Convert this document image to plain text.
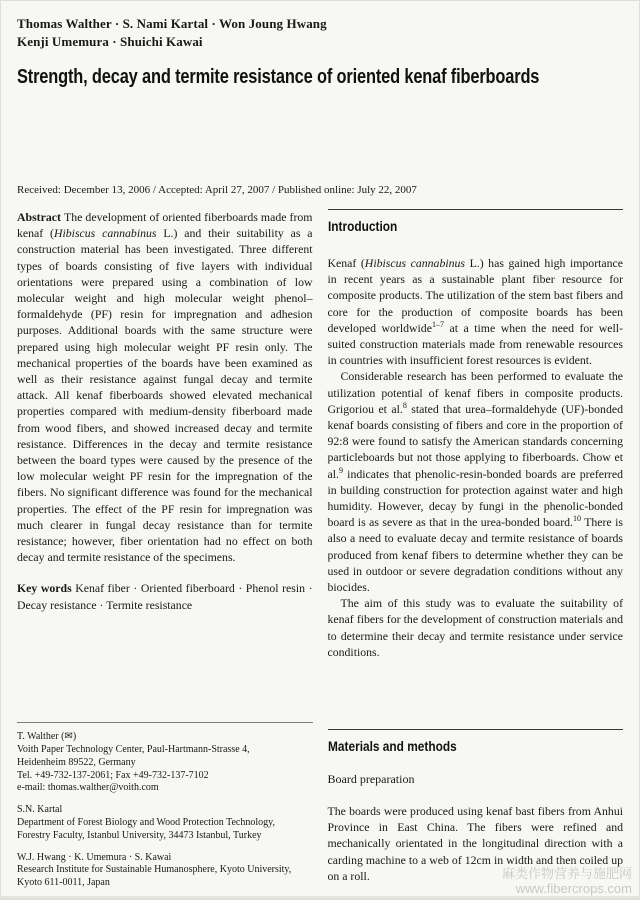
Thomas Walther · S. Nami Kartal · Won Joung Hwang
Kenji Umemura · Shuichi Kawai
Strength, decay and termite resistance of oriented kenaf fiberboards
Received: December 13, 2006 / Accepted: April 27, 2007 / Published online: July 22, 2007

Abstract The development of oriented fiberboards made from kenaf (Hibiscus cannabinus L.) and their suitability as a construction material has been investigated. Three different types of boards consisting of five layers with individual orientations were prepared using a combination of low molecular weight and high molecular weight phenol–formaldehyde (PF) resin for impregnation and adhesion purposes. Additional boards with the same structure were prepared using high molecular weight PF resin only. The mechanical properties of the boards have been examined as well as their resistance against fungal decay and termite attack. All kenaf fiberboards showed elevated mechanical properties compared with medium-density fiberboard made from wood fibers, and showed increased decay and termite resistance. Differences in the decay and termite resistance between the board types were caused by the presence of the low molecular weight PF resin for the impregnation of the fibers. No significant difference was found for the mechanical properties. The effect of the PF resin for impregnation was much clearer in fungal decay resistance than for termite resistance; however, fiber orientation had no effect on both decay and termite resistance of the specimens.

Key words Kenaf fiber · Oriented fiberboard · Phenol resin · Decay resistance · Termite resistance

T. Walther (✉)
Voith Paper Technology Center, Paul-Hartmann-Strasse 4,
Heidenheim 89522, Germany
Tel. +49-732-137-2061; Fax +49-732-137-7102
e-mail: thomas.walther@voith.com
S.N. Kartal
Department of Forest Biology and Wood Protection Technology,
Forestry Faculty, Istanbul University, 34473 Istanbul, Turkey
W.J. Hwang · K. Umemura · S. Kawai
Research Institute for Sustainable Humanosphere, Kyoto University,
Kyoto 611-0011, Japan
Introduction

Kenaf (Hibiscus cannabinus L.) has gained high importance in recent years as a sustainable plant fiber resource for composite products. The utilization of the stem bast fibers and core for the production of composite boards has been developed worldwide$^{1-7}$ at a time when the need for well-suited construction materials made from renewable resources in countries with insufficient forest resources is evident.

Considerable research has been performed to evaluate the utilization potential of kenaf fibers in composite products. Grigoriou et al.$^8$ stated that urea–formaldehyde (UF)-bonded kenaf boards consisting of fibers and core in the proportion of 92:8 were found to satisfy the American standards concerning particleboards but not those applying to fiberboards. Chow et al.$^9$ indicates that phenolic-resin-bonded boards are preferred in building construction for protection against water and high humidity. However, decay by fungi in the phenolic-bonded board is as severe as that in the urea-bonded board.$^{10}$ There is also a need to evaluate decay and termite resistance of boards produced from kenaf fibers to determine whether they can be used in outdoor or severe degradation conditions without any biocides.

The aim of this study was to evaluate the suitability of kenaf fibers for the development of construction materials and to determine their decay and termite resistance under service conditions.

Materials and methods
Board preparation

The boards were produced using kenaf bast fibers from Anhui Province in East China. The fibers were refined and mechanically orientated in the longitudinal direction with a carding machine to a web of 12cm in width and then coiled up on a roll.	麻类作物营养与施肥网
www.fibercrops.com
